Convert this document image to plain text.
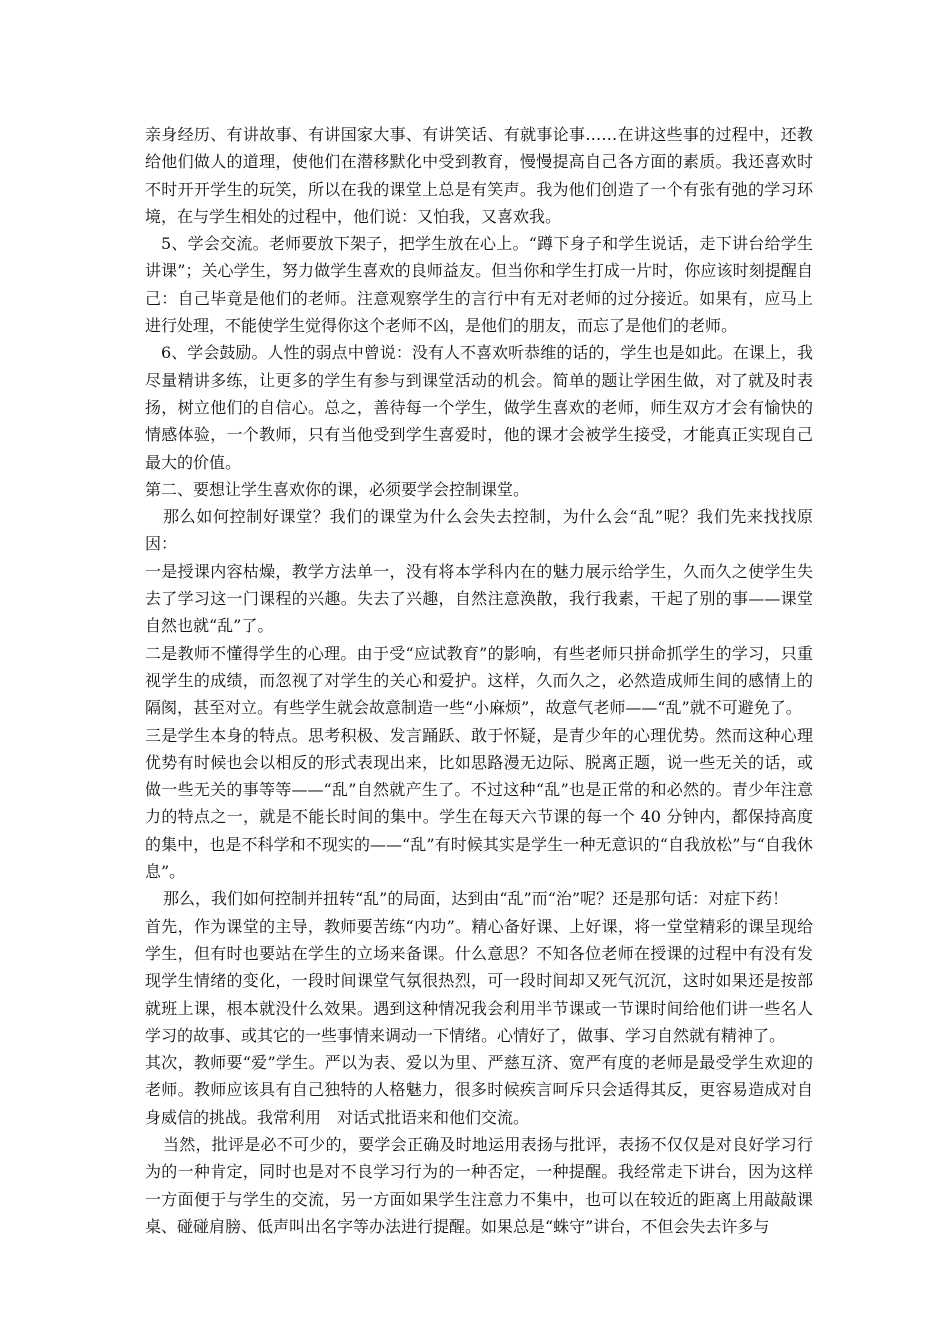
亲身经历、有讲故事、有讲国家大事、有讲笑话、有就事论事……在讲这些事的过程中，还教给他们做人的道理，使他们在潜移默化中受到教育，慢慢提高自己各方面的素质。我还喜欢时不时开开学生的玩笑，所以在我的课堂上总是有笑声。我为他们创造了一个有张有弛的学习环境，在与学生相处的过程中，他们说：又怕我，又喜欢我。

5、学会交流。老师要放下架子，把学生放在心上。“蹲下身子和学生说话，走下讲台给学生讲课”；关心学生，努力做学生喜欢的良师益友。但当你和学生打成一片时，你应该时刻提醒自己：自己毕竟是他们的老师。注意观察学生的言行中有无对老师的过分接近。如果有，应马上进行处理，不能使学生觉得你这个老师不凶，是他们的朋友，而忘了是他们的老师。

6、学会鼓励。人性的弱点中曾说：没有人不喜欢听恭维的话的，学生也是如此。在课上，我尽量精讲多练，让更多的学生有参与到课堂活动的机会。简单的题让学困生做，对了就及时表扬，树立他们的自信心。总之，善待每一个学生，做学生喜欢的老师，师生双方才会有愉快的情感体验，一个教师，只有当他受到学生喜爱时，他的课才会被学生接受，才能真正实现自己最大的价值。

第二、要想让学生喜欢你的课，必须要学会控制课堂。

那么如何控制好课堂？我们的课堂为什么会失去控制，为什么会“乱”呢？我们先来找找原因：

一是授课内容枯燥，教学方法单一，没有将本学科内在的魅力展示给学生，久而久之使学生失去了学习这一门课程的兴趣。失去了兴趣，自然注意涣散，我行我素，干起了别的事——课堂自然也就“乱”了。

二是教师不懂得学生的心理。由于受“应试教育”的影响，有些老师只拼命抓学生的学习，只重视学生的成绩，而忽视了对学生的关心和爱护。这样，久而久之，必然造成师生间的感情上的隔阂，甚至对立。有些学生就会故意制造一些“小麻烦”，故意气老师——“乱”就不可避免了。

三是学生本身的特点。思考积极、发言踊跃、敢于怀疑，是青少年的心理优势。然而这种心理优势有时候也会以相反的形式表现出来，比如思路漫无边际、脱离正题，说一些无关的话，或做一些无关的事等等——“乱”自然就产生了。不过这种“乱”也是正常的和必然的。青少年注意力的特点之一，就是不能长时间的集中。学生在每天六节课的每一个 40 分钟内，都保持高度的集中，也是不科学和不现实的——“乱”有时候其实是学生一种无意识的“自我放松”与“自我休息”。

那么，我们如何控制并扭转“乱”的局面，达到由“乱”而“治”呢？还是那句话：对症下药！

首先，作为课堂的主导，教师要苦练“内功”。精心备好课、上好课，将一堂堂精彩的课呈现给学生，但有时也要站在学生的立场来备课。什么意思？不知各位老师在授课的过程中有没有发现学生情绪的变化，一段时间课堂气氛很热烈，可一段时间却又死气沉沉，这时如果还是按部就班上课，根本就没什么效果。遇到这种情况我会利用半节课或一节课时间给他们讲一些名人学习的故事、或其它的一些事情来调动一下情绪。心情好了，做事、学习自然就有精神了。

其次，教师要“爱”学生。严以为表、爱以为里、严慈互济、宽严有度的老师是最受学生欢迎的老师。教师应该具有自己独特的人格魅力，很多时候疾言呵斥只会适得其反，更容易造成对自身威信的挑战。我常利用　对话式批语来和他们交流。

当然，批评是必不可少的，要学会正确及时地运用表扬与批评，表扬不仅仅是对良好学习行为的一种肯定，同时也是对不良学习行为的一种否定，一种提醒。我经常走下讲台，因为这样一方面便于与学生的交流，另一方面如果学生注意力不集中，也可以在较近的距离上用敲敲课桌、碰碰肩膀、低声叫出名字等办法进行提醒。如果总是“蛛守”讲台，不但会失去许多与
